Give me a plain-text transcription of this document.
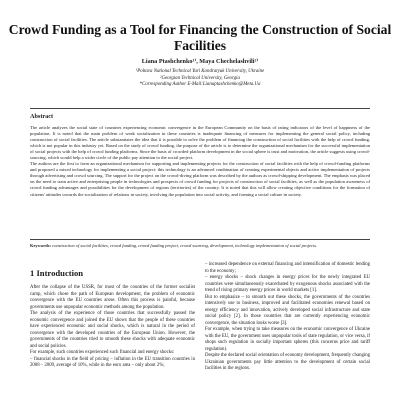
Crowd Funding as a Tool for Financing the Construction of Social Facilities
Liana Ptashchenko¹⁾, Maya Chechelashvili²⁾
¹Poltava National Technical Yuri Kondratyuk University, Ukraine
²Georgian Technical University, Georgia
*Corresponding Author E-Mail:Lianaptashchenko@Meta.Ua
Abstract

The article analyzes the social state of countries experiencing economic convergence in the European Community on the basis of rating indicators of the level of happiness of the population. It is noted that the main problem of weak socialization in these countries is inadequate financing of measures for implementing the general social policy, including construction of social facilities. The article substantiates the idea that it is possible to solve the problem of financing the construction of social facilities with the help of crowd funding, which is not popular in this industry yet. Based on the study of crowd funding, the purpose of the article is to determine the organizational mechanism for the successful implementation of social projects with the help of crowd funding platforms. Since the basis of crowded platform development in the social sphere is trust and motivation, the article suggests using crowd-sourcing, which would help a wider circle of the public pay attention to the social project.

The authors are the first to form an organizational mechanism for supporting and implementing projects for the construction of social facilities with the help of crowd-funding platforms and proposed a mixed technology for implementing a social project: this technology is an advanced combination of creating experimental objects and active implementation of projects through advertising and crowd sourcing. The support for the project on the crowd-diving platform was described by the authors as crowd-shipping development. The emphasis was placed on the need to train active and enterprising people in technologies and prospects of crowd funding for projects of construction of social facilities, as well as the population awareness of crowd funding advantages and possibilities for the development of regions (territories) of the country. It is noted that this will allow creating objective conditions for the formation of citizens' attitudes towards the socialization of relations in society, involving the population into social activity, and forming a social culture in society.

Keywords: construction of social facilities, crowd funding, crowd funding project, crowd sourcing, development, technology implementation of social projects.
1 Introduction

After the collapse of the USSR, for most of the countries of the former socialist camp, which chose the path of European development, the problem of economic convergence with the EU countries arose. Often this process is painful, because governments use unpopular economic methods among the population.

The analysis of the experience of those countries that successfully passed the economic convergence and joined the EU shows that the people of these countries have experienced economic and social shocks, which is natural in the period of convergence with the developed countries of the European Union. However, the governments of the countries tried to smooth these shocks with adequate economic and social policies.

For example, such countries experienced such financial and energy shocks:

– financial shocks in the field of pricing – inflation in the EU transition countries in 2008 – 2009, average of 10%, while in the euro area – only about 2%;

– increased dependence on external financing and intensification of domestic lending to the economy;

– energy shocks – shock changes in energy prices for the newly integrated EU countries were simultaneously exacerbated by exogenous shocks associated with the trend of rising primary energy prices in world markets [1].

But to emphasize – to smooth out these shocks, the governments of the countries intensively use to business, improved and facilitated economies renewal based on energy efficiency and innovation, actively developed social infrastructure and state social policy [2]. In those countries that are currently experiencing economic convergence, the situation looks worse [3].

For example, when trying to take measures on the economic convergence of Ukraine with the EU, the government uses unpopular tools of state regulation, or vice versa, if shops such regulation in socially important spheres (this concerns price and tariff regulation).

Despite the declared social orientation of economy development, frequently changing Ukrainian governments pay little attention to the development of certain social facilities in the regions.
